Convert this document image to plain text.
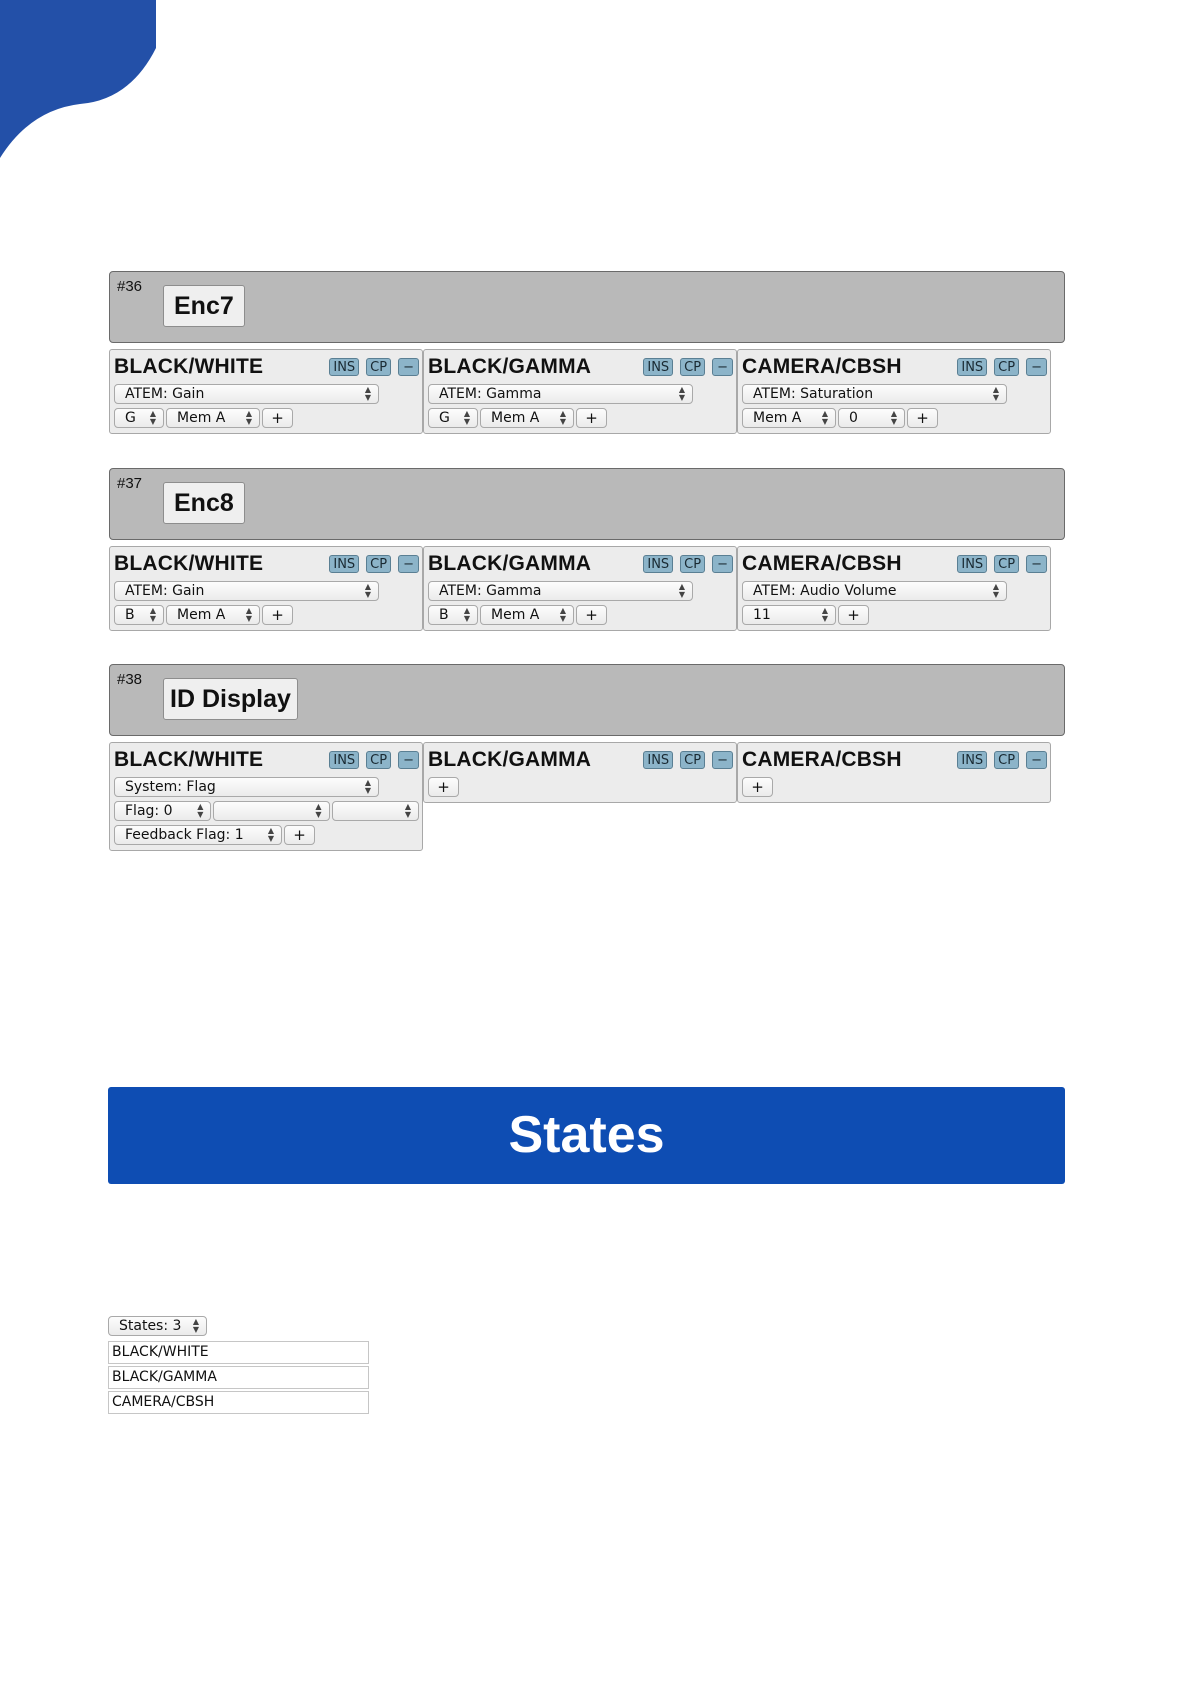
#36
Enc7
BLACK/WHITE	INS	CP	−
ATEM: Gain	▲
▼
G ▲
▼	Mem A	▲
▼	+
BLACK/GAMMA	INS	CP	−
ATEM: Gamma	▲
▼
G ▲
▼	Mem A	▲
▼	+
CAMERA/CBSH	INS	CP	−
ATEM: Saturation	▲
▼
Mem A	▲
▼	0	▲
▼	+
#37
Enc8
BLACK/WHITE	INS	CP	−
ATEM: Gain	▲
▼
B ▲
▼	Mem A	▲
▼	+
BLACK/GAMMA	INS	CP	−
ATEM: Gamma	▲
▼
B ▲
▼	Mem A	▲
▼	+
CAMERA/CBSH	INS	CP	−
ATEM: Audio Volume	▲
▼
11	▲
▼	+
#38
ID Display
BLACK/WHITE	INS	CP	−
System: Flag	▲
▼
Flag: 0	▲
▼
▲
▼
▲
▼
Feedback Flag: 1	▲
▼	+
BLACK/GAMMA	INS	CP	−
+
CAMERA/CBSH	INS	CP	−
+
States
States: 3 ▲
▼
BLACK/WHITE
BLACK/GAMMA
CAMERA/CBSH
